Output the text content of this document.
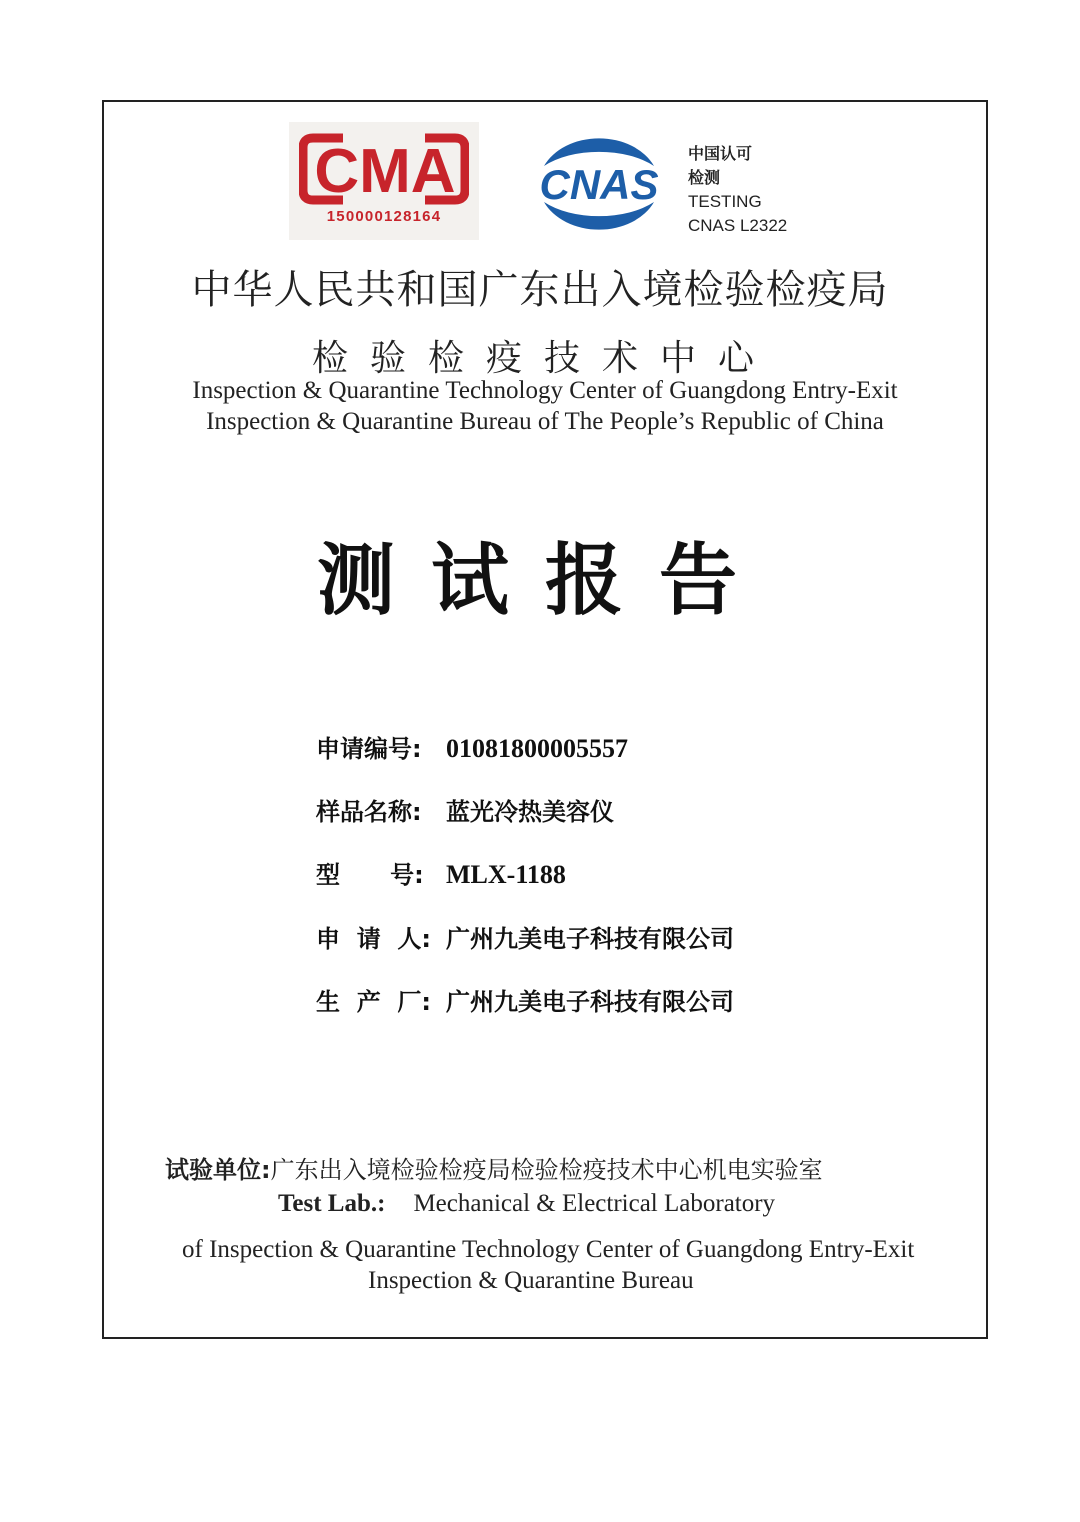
CMA
150000128164
CNAS
中国认可
检测
TESTING
CNAS L2322
中华人民共和国广东出入境检验检疫局
检验检疫技术中心
Inspection & Quarantine Technology Center of Guangdong Entry-Exit
Inspection & Quarantine Bureau of The People’s Republic of China
测试报告
申请编号: 01081800005557
样品名称: 蓝光冷热美容仪
型      号: MLX-1188
申  请  人: 广州九美电子科技有限公司
生  产  厂: 广州九美电子科技有限公司
试验单位:广东出入境检验检疫局检验检疫技术中心机电实验室
Test Lab.: Mechanical & Electrical Laboratory
of Inspection & Quarantine Technology Center of Guangdong Entry-Exit
Inspection & Quarantine Bureau
